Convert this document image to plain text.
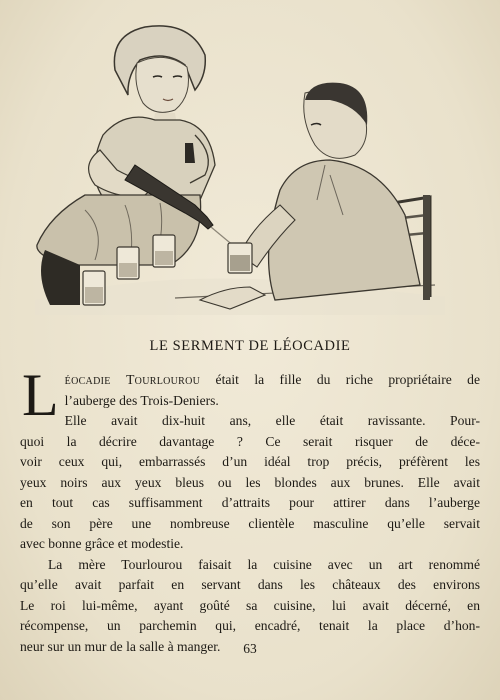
LE SERMENT DE LÉOCADIE

L éocadie Tourlourou était la fille du riche propriétaire de
l’auberge des Trois-Deniers.

Elle avait dix-huit ans, elle était ravissante. Pour-
quoi la décrire davantage ? Ce serait risquer de déce-
voir ceux qui, embarrassés d’un idéal trop précis, préfèrent les
yeux noirs aux yeux bleus ou les blondes aux brunes. Elle avait
en tout cas suffisamment d’attraits pour attirer dans l’auberge
de son père une nombreuse clientèle masculine qu’elle servait
avec bonne grâce et modestie.

La mère Tourlourou faisait la cuisine avec un art renommé
qu’elle avait parfait en servant dans les châteaux des environs
Le roi lui-même, ayant goûté sa cuisine, lui avait décerné, en
récompense, un parchemin qui, encadré, tenait la place d’hon-
neur sur un mur de la salle à manger.	63
